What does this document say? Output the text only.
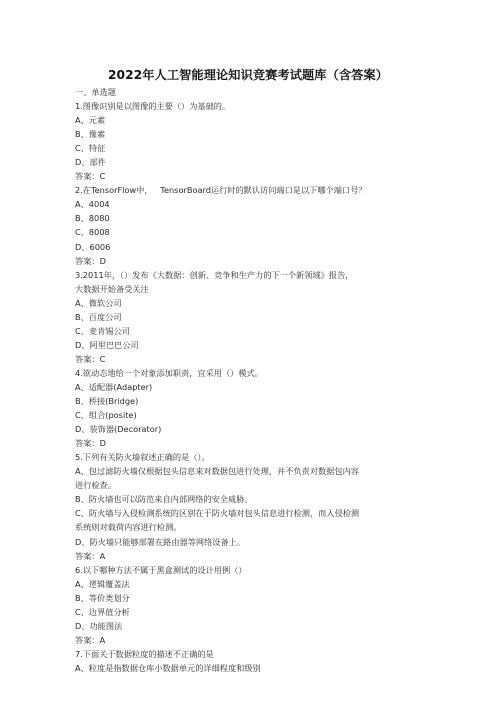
2022年人工智能理论知识竞赛考试题库（含答案）
一、单选题
1.图像识别是以图像的主要（）为基础的。
A、元素
B、像素
C、特征
D、部件
答案：C
2.在TensorFlow中，   TensorBoard运行时的默认访问端口是以下哪个端口号？
A、4004
B、8080
C、8008
D、6006
答案：D
3.2011年，（）发布《大数据：创新、竞争和生产力的下一个新领域》报告，
大数据开始备受关注
A、微软公司
B、百度公司
C、麦肯锡公司
D、阿里巴巴公司
答案：C
4.欲动态地给一个对象添加职责，宜采用（）模式。
A、适配器(Adapter)
B、桥接(Bridge)
C、组合(posite)
D、装饰器(Decorator)
答案：D
5.下列有关防火墙叙述正确的是（）。
A、包过滤防火墙仅根据包头信息来对数据包进行处理，并不负责对数据包内容
进行检查。
B、防火墙也可以防范来自内部网络的安全威胁。
C、防火墙与入侵检测系统的区别在于防火墙对包头信息进行检测，而入侵检测
系统则对载荷内容进行检测。
D、防火墙只能够部署在路由器等网络设备上。
答案：A
6.以下哪种方法不属于黑盒测试的设计用例（）
A、逻辑覆盖法
B、等价类划分
C、边界值分析
D、功能图法
答案：A
7.下面关于数据粒度的描述不正确的是
A、粒度是指数据仓库小数据单元的详细程度和级别
